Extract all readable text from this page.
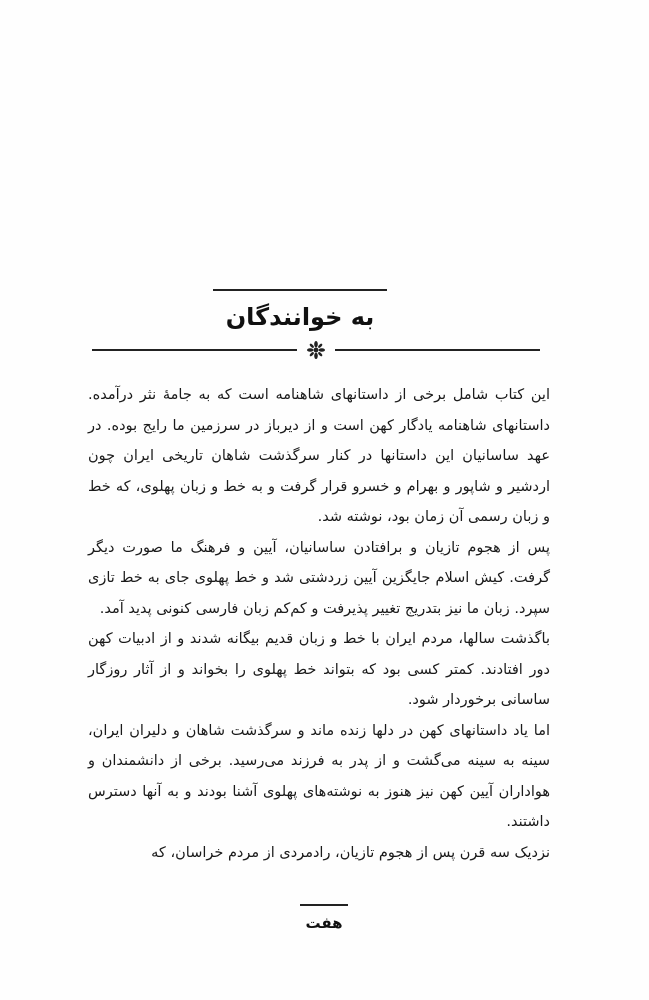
به خوانندگان

این کتاب شامل برخی از داستانهای شاهنامه است که به جامهٔ نثر درآمده. داستانهای شاهنامه یادگار کهن است و از دیرباز در سرزمین ما رایج بوده. در عهد ساسانیان این داستانها در کنار سرگذشت شاهان تاریخی ایران چون اردشیر و شاپور و بهرام و خسرو قرار گرفت و به خط و زبان پهلوی، که خط و زبان رسمی آن زمان بود، نوشته شد.

پس از هجوم تازیان و برافتادن ساسانیان، آیین و فرهنگ ما صورت دیگر گرفت. کیش اسلام جایگزین آیین زردشتی شد و خط پهلوی جای به خط تازی سپرد. زبان ما نیز بتدریج تغییر پذیرفت و کم‌کم زبان فارسی کنونی پدید آمد.

باگذشت سالها، مردم ایران با خط و زبان قدیم بیگانه شدند و از ادبیات کهن دور افتادند. کمتر کسی بود که بتواند خط پهلوی را بخواند و از آثار روزگار ساسانی برخوردار شود.

اما یاد داستانهای کهن در دلها زنده ماند و سرگذشت شاهان و دلیران ایران، سینه به سینه می‌گشت و از پدر به فرزند می‌رسید. برخی از دانشمندان و هواداران آیین کهن نیز هنوز به نوشته‌های پهلوی آشنا بودند و به آنها دسترس داشتند.

نزدیک سه قرن پس از هجوم تازیان، رادمردی از مردم خراسان، که

هفت
